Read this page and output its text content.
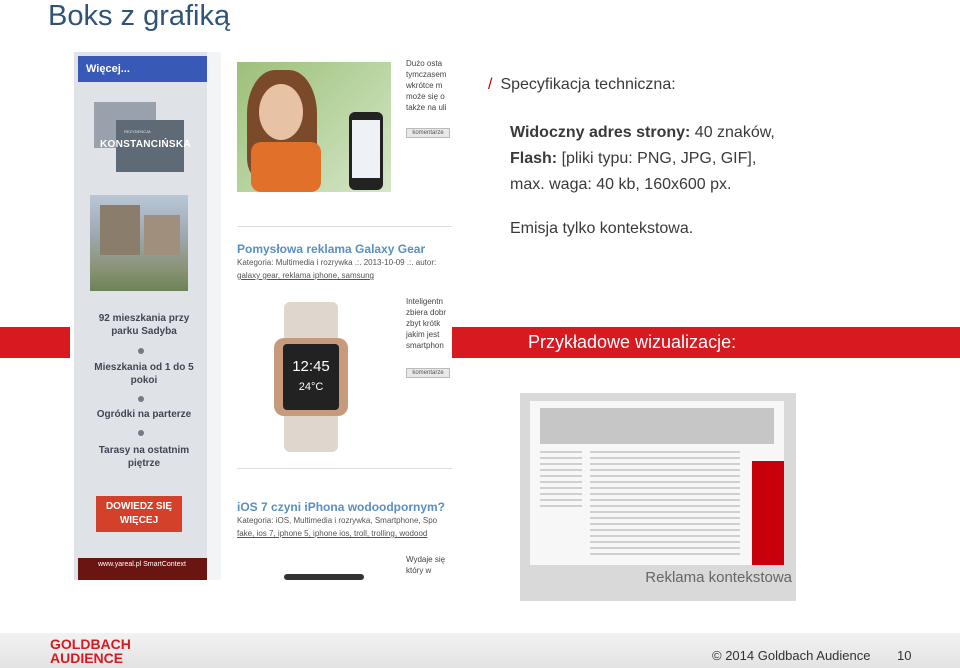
Boks z grafiką
Więcej...
REZYDENCJA
KONSTANCIŃSKA
92 mieszkania przy parku Sadyba
Mieszkania od 1 do 5 pokoi
Ogródki na parterze
Tarasy na ostatnim piętrze
DOWIEDZ SIĘ WIĘCEJ
www.yareal.pl SmartContext
Dużo osta tymczasem wkrótce m może się o także na uli
komentarze
Pomysłowa reklama Galaxy Gear
Kategoria: Multimedia i rozrywka .:. 2013-10-09 .:. autor:
galaxy gear, reklama iphone, samsung
12:45
24°C
Inteligentn zbiera dobr zbyt krótk jakim jest smartphon
komentarze
iOS 7 czyni iPhona wodoodpornym?
Kategoria: iOS, Multimedia i rozrywka, Smartphone, Spo
fake, ios 7, iphone 5, iphone ios, troll, trolling, wodood
Wydaje się który w
/ Specyfikacja techniczna:
Widoczny adres strony: 40 znaków,
Flash: [pliki typu: PNG, JPG, GIF],
max. waga: 40 kb, 160x600 px.
Emisja tylko kontekstowa.
Przykładowe wizualizacje:
Reklama kontekstowa
GOLDBACH
AUDIENCE	© 2014 Goldbach Audience 10
